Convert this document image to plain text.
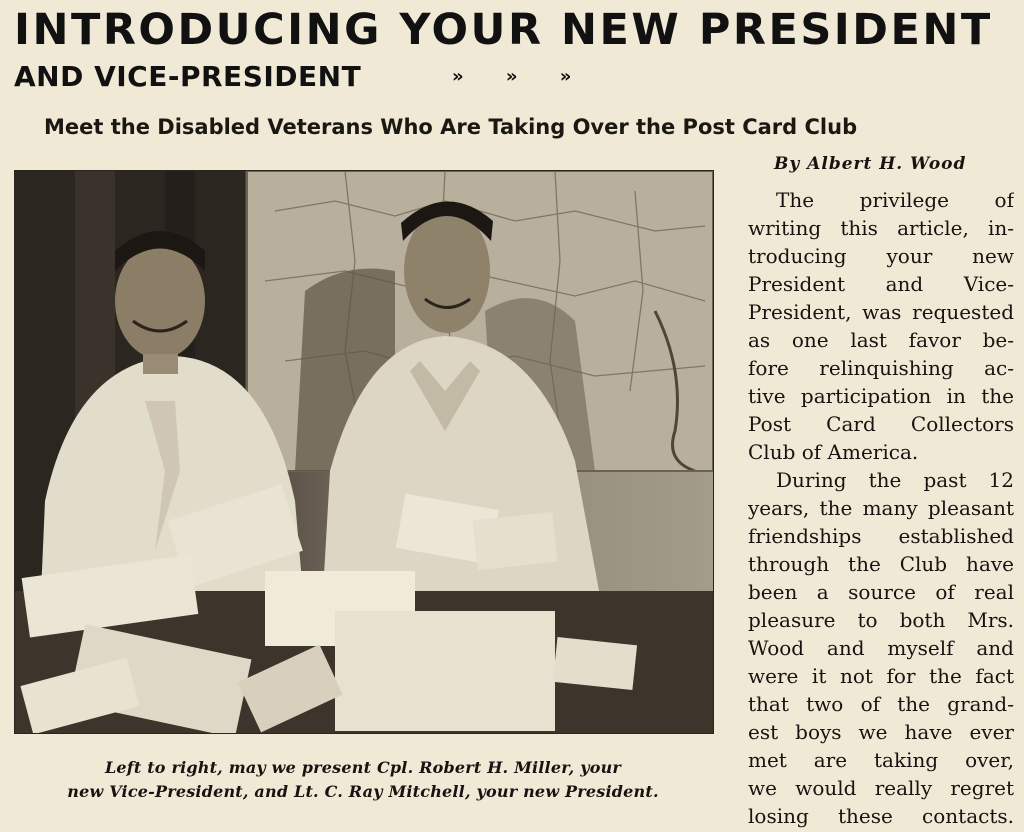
INTRODUCING YOUR NEW PRESIDENT
AND VICE-PRESIDENT	» » »
Meet the Disabled Veterans Who Are Taking Over the Post Card Club
By Albert H. Wood
Left to right, may we present Cpl. Robert H. Miller, your
new Vice-President, and Lt. C. Ray Mitchell, your new President.
The privilege of
writing this article, in-
troducing your new
President and Vice-
President, was requested
as one last favor be-
fore relinquishing ac-
tive participation in the
Post Card Collectors
Club of America.
During the past 12
years, the many pleasant
friendships established
through the Club have
been a source of real
pleasure to both Mrs.
Wood and myself and
were it not for the fact
that two of the grand-
est boys we have ever
met are taking over,
we would really regret
losing these contacts.
